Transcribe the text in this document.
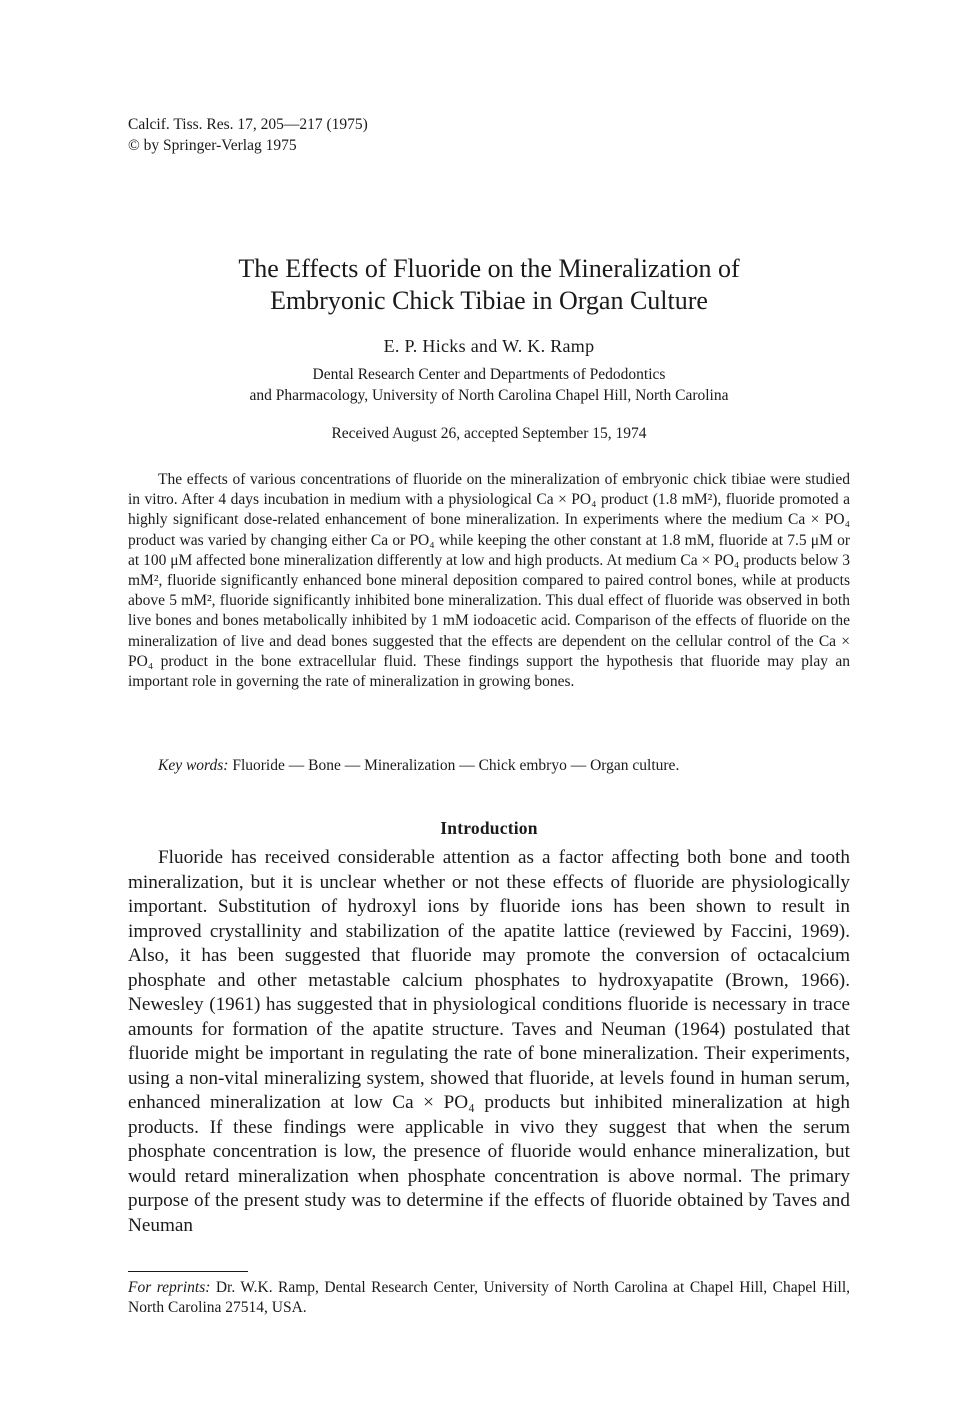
Calcif. Tiss. Res. 17, 205—217 (1975)
© by Springer-Verlag 1975
The Effects of Fluoride on the Mineralization of
Embryonic Chick Tibiae in Organ Culture
E. P. Hicks and W. K. Ramp
Dental Research Center and Departments of Pedodontics
and Pharmacology, University of North Carolina Chapel Hill, North Carolina
Received August 26, accepted September 15, 1974

The effects of various concentrations of fluoride on the mineralization of embryonic chick tibiae were studied in vitro. After 4 days incubation in medium with a physiological Ca × PO₄ product (1.8 mM²), fluoride promoted a highly significant dose-related enhancement of bone mineralization. In experiments where the medium Ca × PO₄ product was varied by changing either Ca or PO₄ while keeping the other constant at 1.8 mM, fluoride at 7.5 μM or at 100 μM affected bone mineralization differently at low and high products. At medium Ca × PO₄ products below 3 mM², fluoride significantly enhanced bone mineral deposition compared to paired control bones, while at products above 5 mM², fluoride significantly inhibited bone mineralization. This dual effect of fluoride was observed in both live bones and bones metabolically inhibited by 1 mM iodoacetic acid. Comparison of the effects of fluoride on the mineralization of live and dead bones suggested that the effects are dependent on the cellular control of the Ca × PO₄ product in the bone extracellular fluid. These findings support the hypothesis that fluoride may play an important role in governing the rate of mineralization in growing bones.

Key words: Fluoride — Bone — Mineralization — Chick embryo — Organ culture.
Introduction

Fluoride has received considerable attention as a factor affecting both bone and tooth mineralization, but it is unclear whether or not these effects of fluoride are physiologically important. Substitution of hydroxyl ions by fluoride ions has been shown to result in improved crystallinity and stabilization of the apatite lattice (reviewed by Faccini, 1969). Also, it has been suggested that fluoride may promote the conversion of octacalcium phosphate and other metastable calcium phosphates to hydroxyapatite (Brown, 1966). Newesley (1961) has suggested that in physiological conditions fluoride is necessary in trace amounts for formation of the apatite structure. Taves and Neuman (1964) postulated that fluoride might be important in regulating the rate of bone mineralization. Their experiments, using a non-vital mineralizing system, showed that fluoride, at levels found in human serum, enhanced mineralization at low Ca × PO₄ products but inhibited mineralization at high products. If these findings were applicable in vivo they suggest that when the serum phosphate concentration is low, the presence of fluoride would enhance mineralization, but would retard mineralization when phosphate concentration is above normal. The primary purpose of the present study was to determine if the effects of fluoride obtained by Taves and Neuman

For reprints: Dr. W.K. Ramp, Dental Research Center, University of North Carolina at Chapel Hill, Chapel Hill, North Carolina 27514, USA.
